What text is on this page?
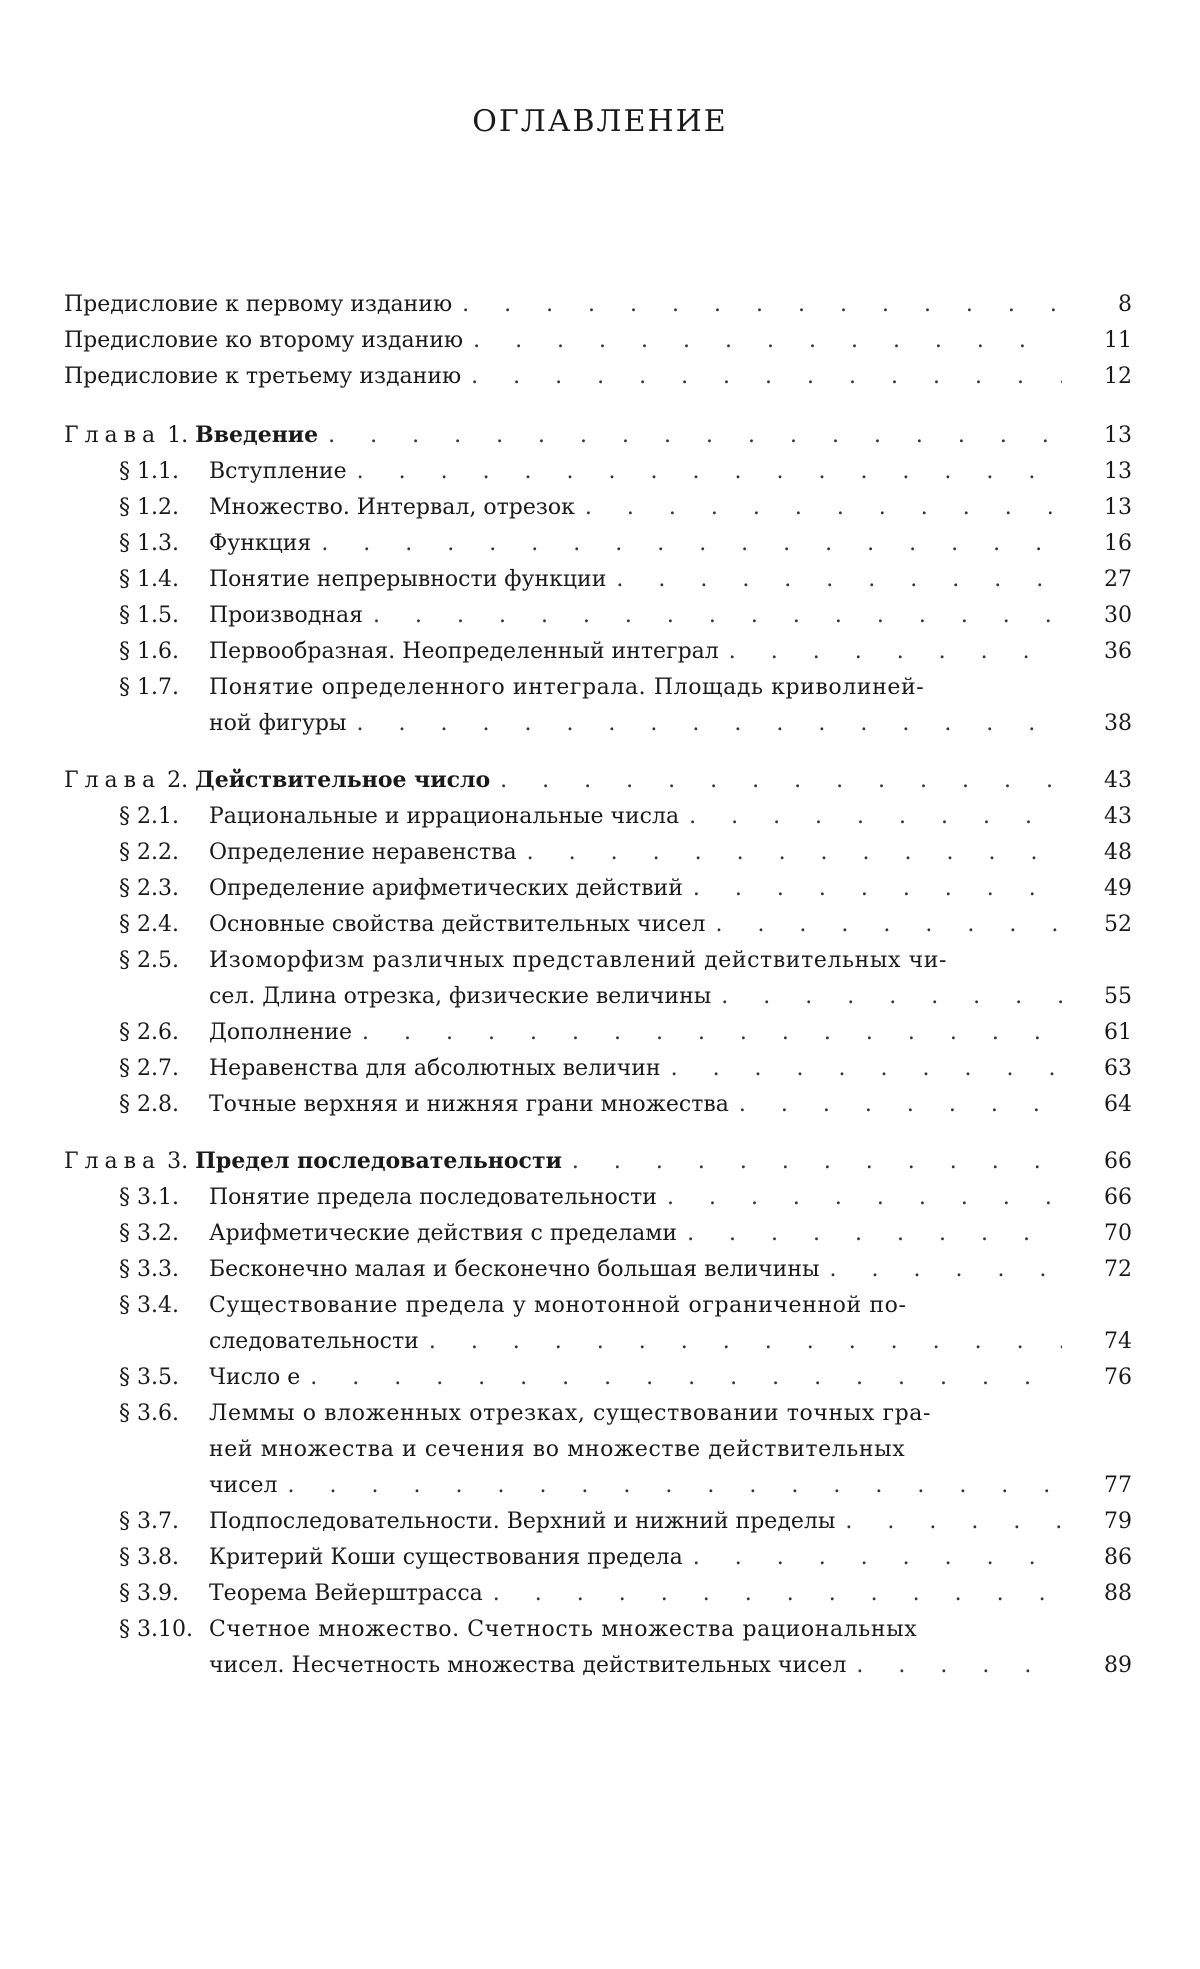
ОГЛАВЛЕНИЕ
Предисловие к первому изданию . . .	8
Предисловие ко второму изданию . . .	11
Предисловие к третьему изданию . . .	12
Глава 1. Введение . . .	13
§ 1.1.	Вступление . . .	13
§ 1.2.	Множество. Интервал, отрезок . . .	13
§ 1.3.	Функция . . .	16
§ 1.4.	Понятие непрерывности функции . . .	27
§ 1.5.	Производная . . .	30
§ 1.6.	Первообразная. Неопределенный интеграл . . .	36
§ 1.7.	Понятие определенного интеграла. Площадь криволиней-
ной фигуры . . .	38
Глава 2. Действительное число . . .	43
§ 2.1.	Рациональные и иррациональные числа . . .	43
§ 2.2.	Определение неравенства . . .	48
§ 2.3.	Определение арифметических действий . . .	49
§ 2.4.	Основные свойства действительных чисел . . .	52
§ 2.5.	Изоморфизм различных представлений действительных чи-
сел. Длина отрезка, физические величины . . .	55
§ 2.6.	Дополнение . . .	61
§ 2.7.	Неравенства для абсолютных величин . . .	63
§ 2.8.	Точные верхняя и нижняя грани множества . . .	64
Глава 3. Предел последовательности . . .	66
§ 3.1.	Понятие предела последовательности . . .	66
§ 3.2.	Арифметические действия с пределами . . .	70
§ 3.3.	Бесконечно малая и бесконечно большая величины . . .	72
§ 3.4.	Существование предела у монотонной ограниченной по-
следовательности . . .	74
§ 3.5.	Число e . . .	76
§ 3.6.	Леммы о вложенных отрезках, существовании точных гра-
ней множества и сечения во множестве действительных
чисел . . .	77
§ 3.7.	Подпоследовательности. Верхний и нижний пределы . . .	79
§ 3.8.	Критерий Коши существования предела . . .	86
§ 3.9.	Теорема Вейерштрасса . . .	88
§ 3.10. Счетное множество. Счетность множества рациональных
чисел. Несчетность множества действительных чисел . . .	89
